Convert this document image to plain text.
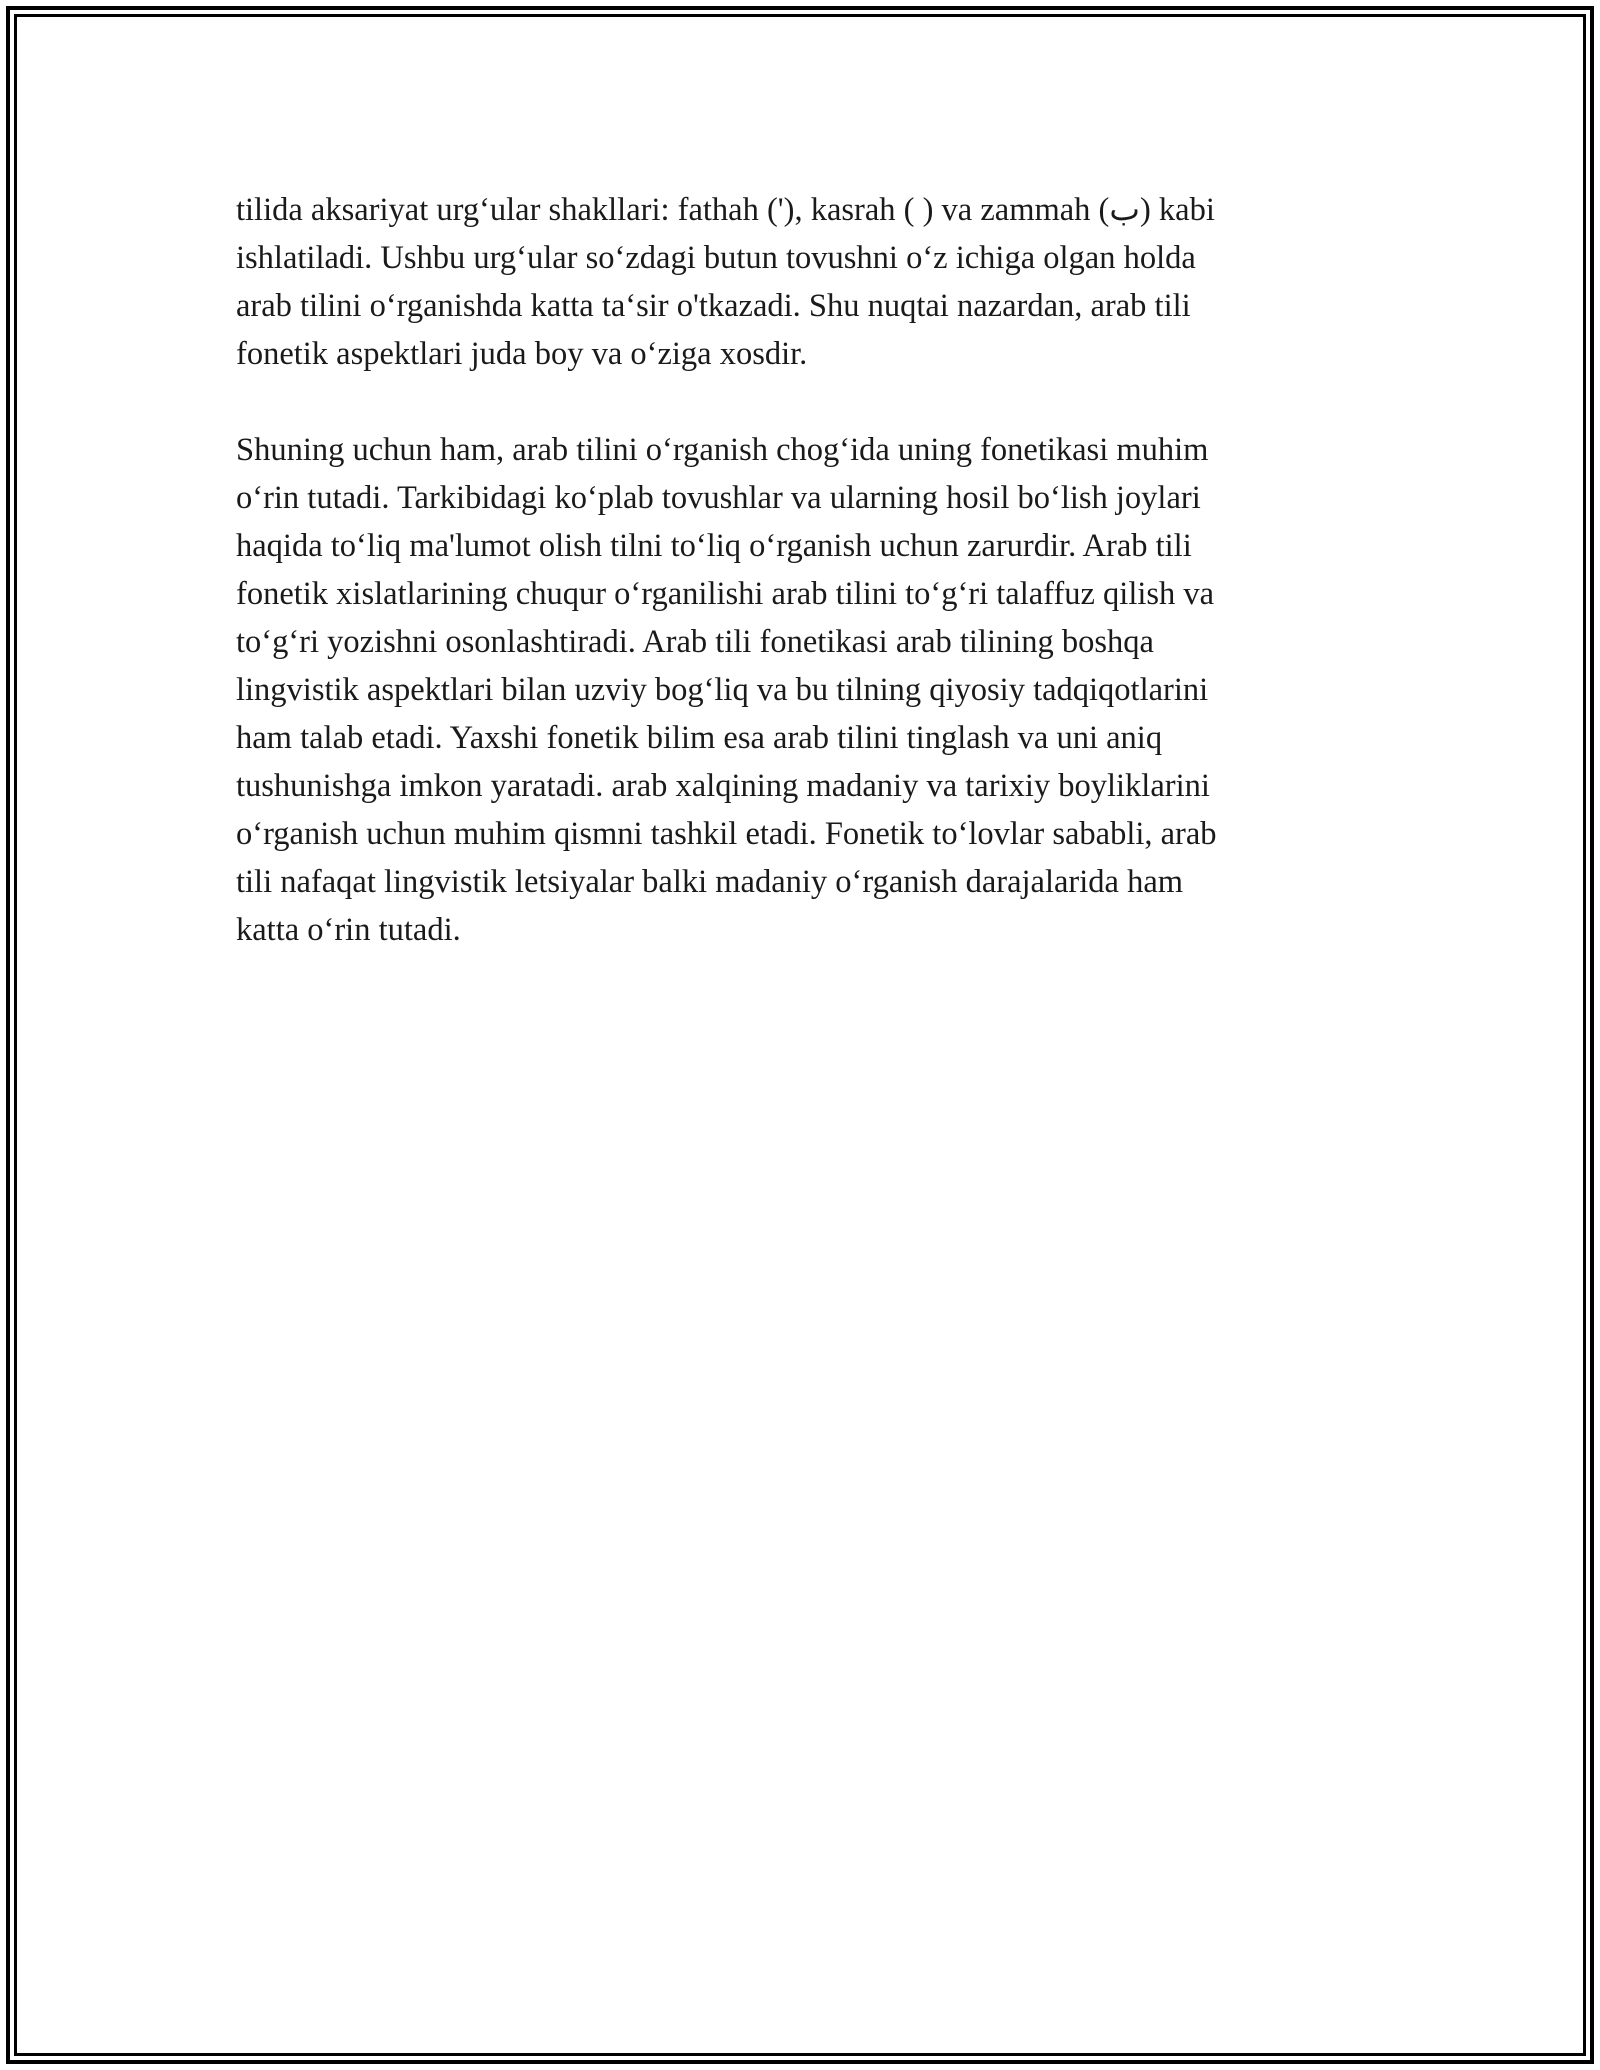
tilida aksariyat urg‘ular shakllari: fathah ('), kasrah ( ) va zammah (ب) kabi
ishlatiladi. Ushbu urg‘ular so‘zdagi butun tovushni o‘z ichiga olgan holda
arab tilini o‘rganishda katta ta‘sir o'tkazadi. Shu nuqtai nazardan, arab tili
fonetik aspektlari juda boy va o‘ziga xosdir.

Shuning uchun ham, arab tilini o‘rganish chog‘ida uning fonetikasi muhim
o‘rin tutadi. Tarkibidagi ko‘plab tovushlar va ularning hosil bo‘lish joylari
haqida to‘liq ma'lumot olish tilni to‘liq o‘rganish uchun zarurdir. Arab tili
fonetik xislatlarining chuqur o‘rganilishi arab tilini to‘g‘ri talaffuz qilish va
to‘g‘ri yozishni osonlashtiradi. Arab tili fonetikasi arab tilining boshqa
lingvistik aspektlari bilan uzviy bog‘liq va bu tilning qiyosiy tadqiqotlarini
ham talab etadi. Yaxshi fonetik bilim esa arab tilini tinglash va uni aniq
tushunishga imkon yaratadi. arab xalqining madaniy va tarixiy boyliklarini
o‘rganish uchun muhim qismni tashkil etadi. Fonetik to‘lovlar sababli, arab
tili nafaqat lingvistik letsiyalar balki madaniy o‘rganish darajalarida ham
katta o‘rin tutadi.
